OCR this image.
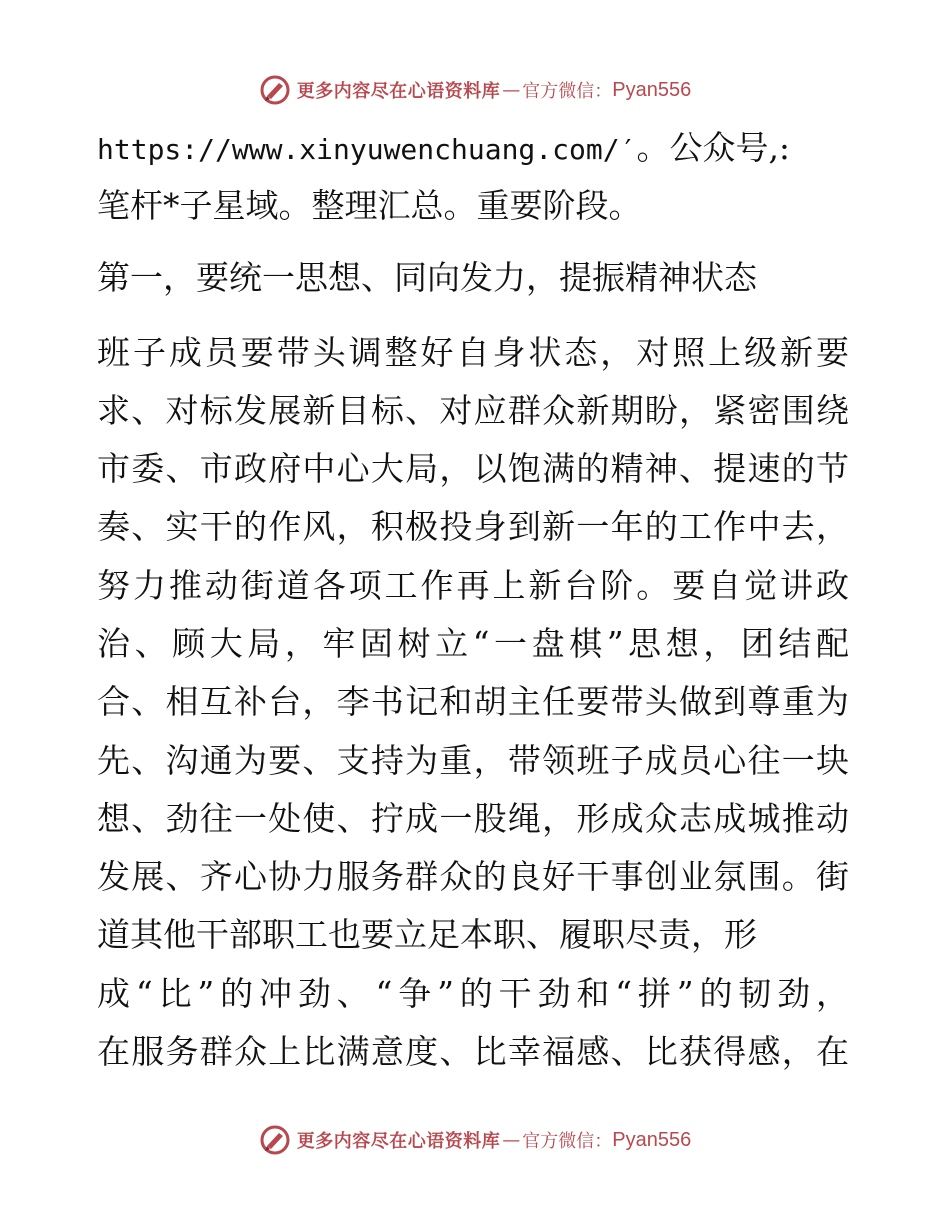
更多内容尽在心语资料库 — 官方微信： Pyan556
https://www.xinyuwenchuang.com/′。公众号,:
笔杆*子星域。整理汇总。重要阶段。
第一，要统一思想、同向发力，提振精神状态
班子成员要带头调整好自身状态，对照上级新要
求、对标发展新目标、对应群众新期盼，紧密围绕
市委、市政府中心大局，以饱满的精神、提速的节
奏、实干的作风，积极投身到新一年的工作中去，
努力推动街道各项工作再上新台阶。要自觉讲政
治、顾大局，牢固树立“一盘棋”思想，团结配
合、相互补台，李书记和胡主任要带头做到尊重为
先、沟通为要、支持为重，带领班子成员心往一块
想、劲往一处使、拧成一股绳，形成众志成城推动
发展、齐心协力服务群众的良好干事创业氛围。街
道其他干部职工也要立足本职、履职尽责，形
成“比”的冲劲、“争”的干劲和“拼”的韧劲，
在服务群众上比满意度、比幸福感、比获得感，在
更多内容尽在心语资料库 — 官方微信： Pyan556
